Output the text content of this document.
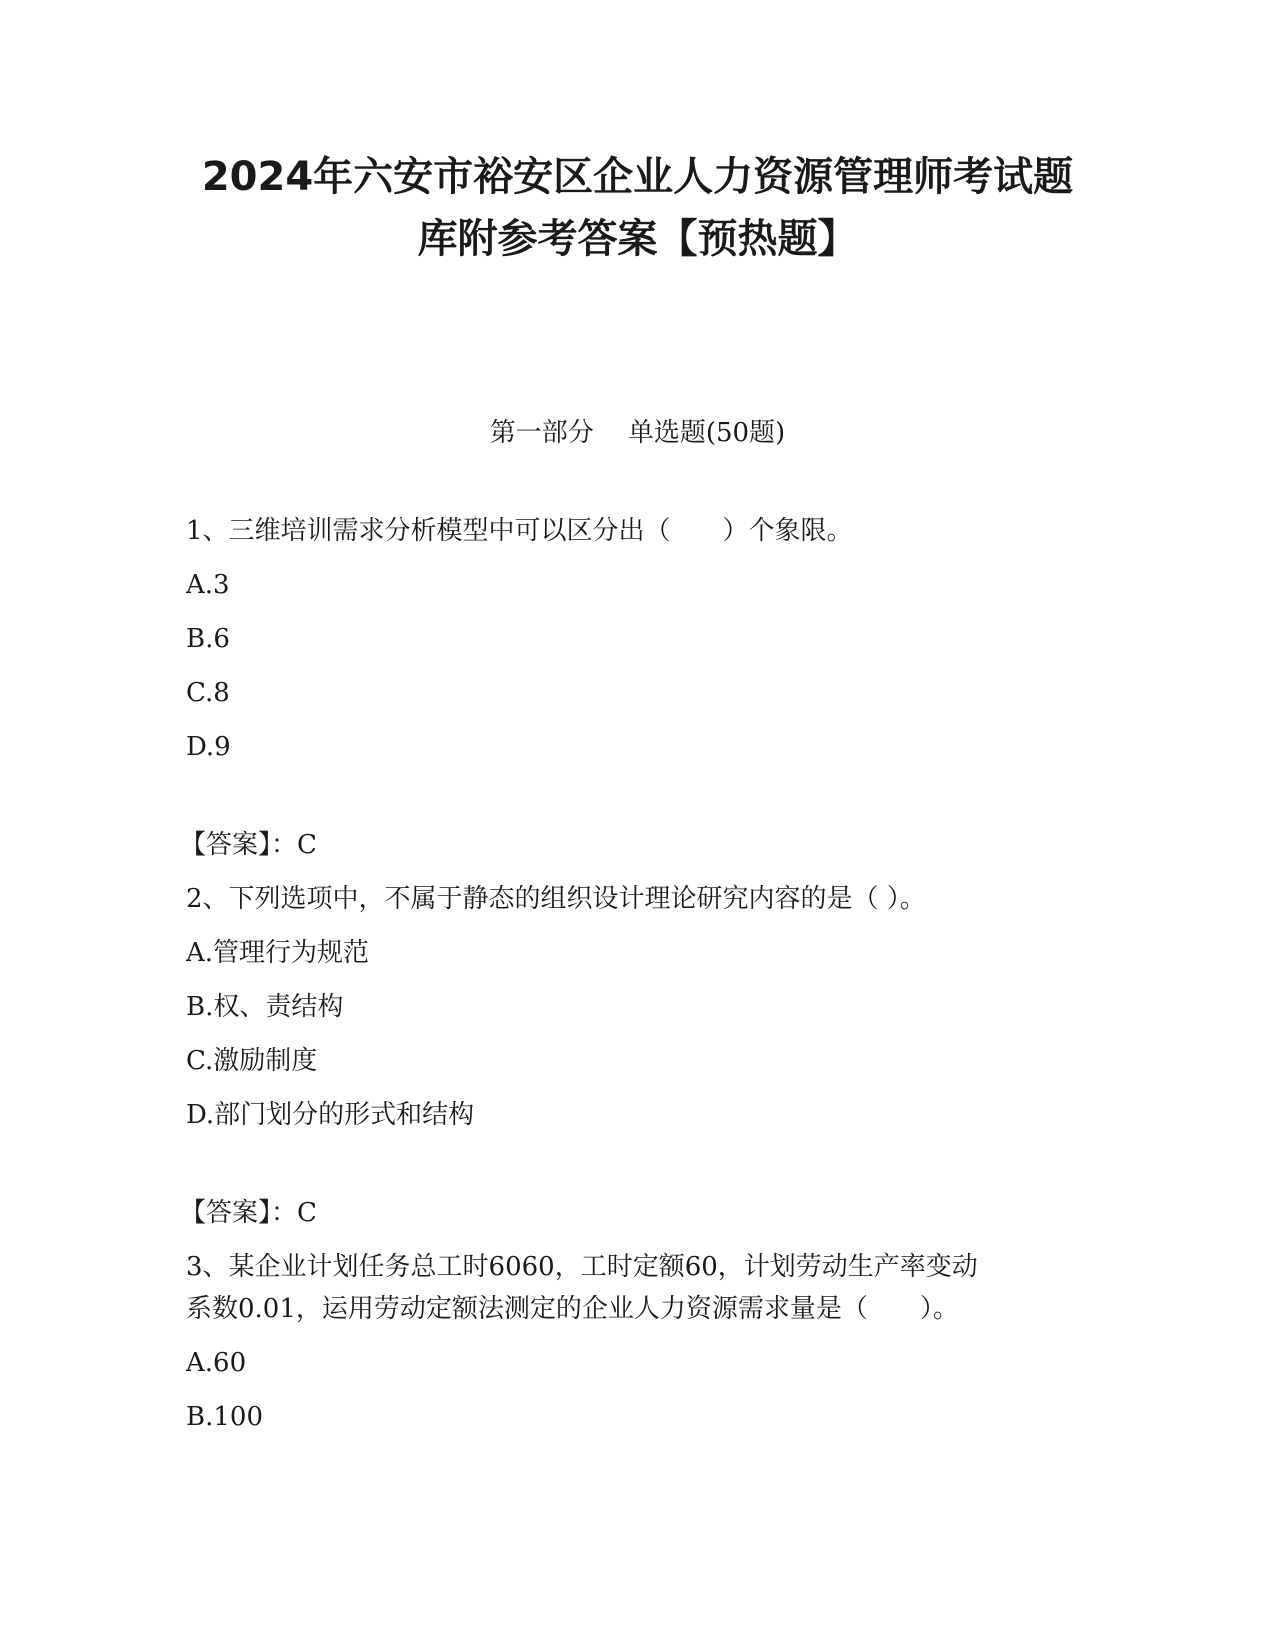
2024年六安市裕安区企业人力资源管理师考试题
库附参考答案【预热题】
第一部分 单选题(50题)
1、三维培训需求分析模型中可以区分出（　　）个象限。
A.3
B.6
C.8
D.9
【答案】：C
2、下列选项中，不属于静态的组织设计理论研究内容的是（ ）。
A.管理行为规范
B.权、责结构
C.激励制度
D.部门划分的形式和结构
【答案】：C
3、某企业计划任务总工时6060，工时定额60，计划劳动生产率变动
系数0.01，运用劳动定额法测定的企业人力资源需求量是（　　）。
A.60
B.100
